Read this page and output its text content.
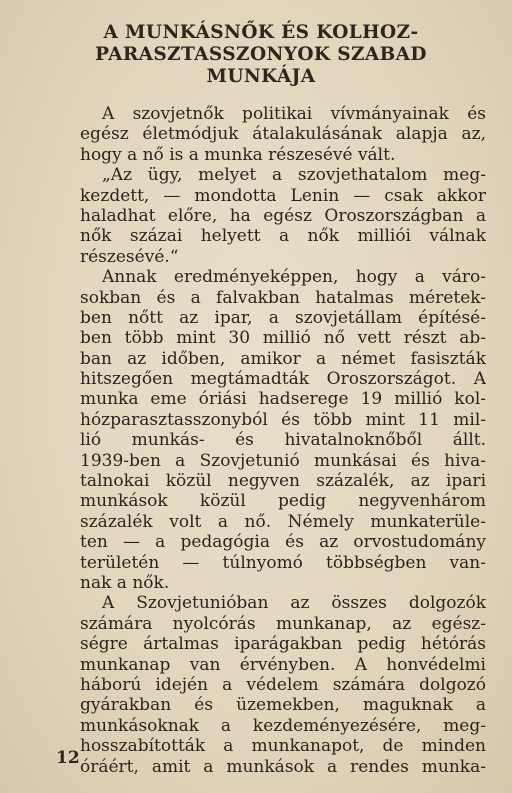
A MUNKÁSNŐK ÉS KOLHOZ-
PARASZTASSZONYOK SZABAD
MUNKÁJA
A szovjetnők politikai vívmányainak és
egész életmódjuk átalakulásának alapja az,
hogy a nő is a munka részesévé vált.
„Az ügy, melyet a szovjethatalom meg-
kezdett, — mondotta Lenin — csak akkor
haladhat előre, ha egész Oroszországban a
nők százai helyett a nők milliói válnak
részesévé.“
Annak eredményeképpen, hogy a váro-
sokban és a falvakban hatalmas méretek-
ben nőtt az ipar, a szovjetállam építésé-
ben több mint 30 millió nő vett részt ab-
ban az időben, amikor a német fasiszták
hitszegően megtámadták Oroszországot. A
munka eme óriási hadserege 19 millió kol-
hózparasztasszonyból és több mint 11 mil-
lió munkás- és hivatalnoknőből állt.
1939-ben a Szovjetunió munkásai és hiva-
talnokai közül negyven százalék, az ipari
munkások közül pedig negyvenhárom
százalék volt a nő. Némely munkaterüle-
ten — a pedagógia és az orvostudomány
területén — túlnyomó többségben van-
nak a nők.
A Szovjetunióban az összes dolgozók
számára nyolcórás munkanap, az egész-
ségre ártalmas iparágakban pedig hétórás
munkanap van érvényben. A honvédelmi
háború idején a védelem számára dolgozó
gyárakban és üzemekben, maguknak a
munkásoknak a kezdeményezésére, meg-
hosszabították a munkanapot, de minden
óráért, amit a munkások a rendes munka-
12
